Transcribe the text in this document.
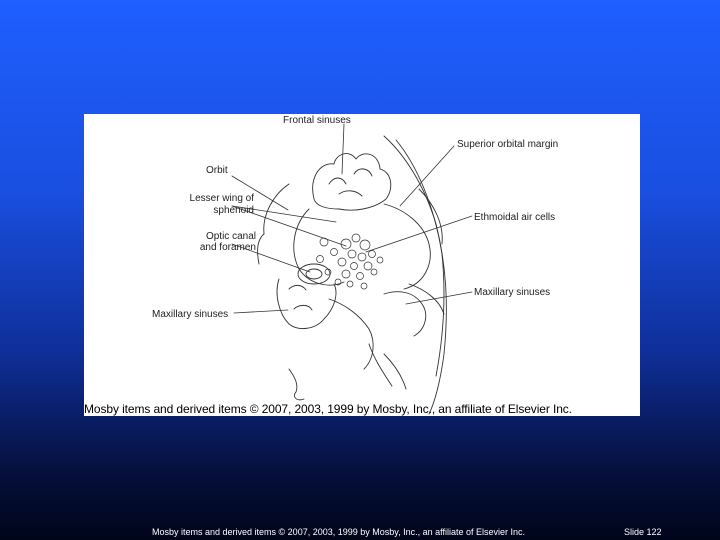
Frontal sinuses
Superior orbital margin
Orbit
Lesser wing of
sphenoid
Ethmoidal air cells
Optic canal
and foramen
Maxillary sinuses
Maxillary sinuses
Mosby items and derived items © 2007, 2003, 1999 by Mosby, Inc., an affiliate of Elsevier Inc.
Mosby items and derived items © 2007, 2003, 1999 by Mosby, Inc., an affiliate of Elsevier Inc.	Slide 122
